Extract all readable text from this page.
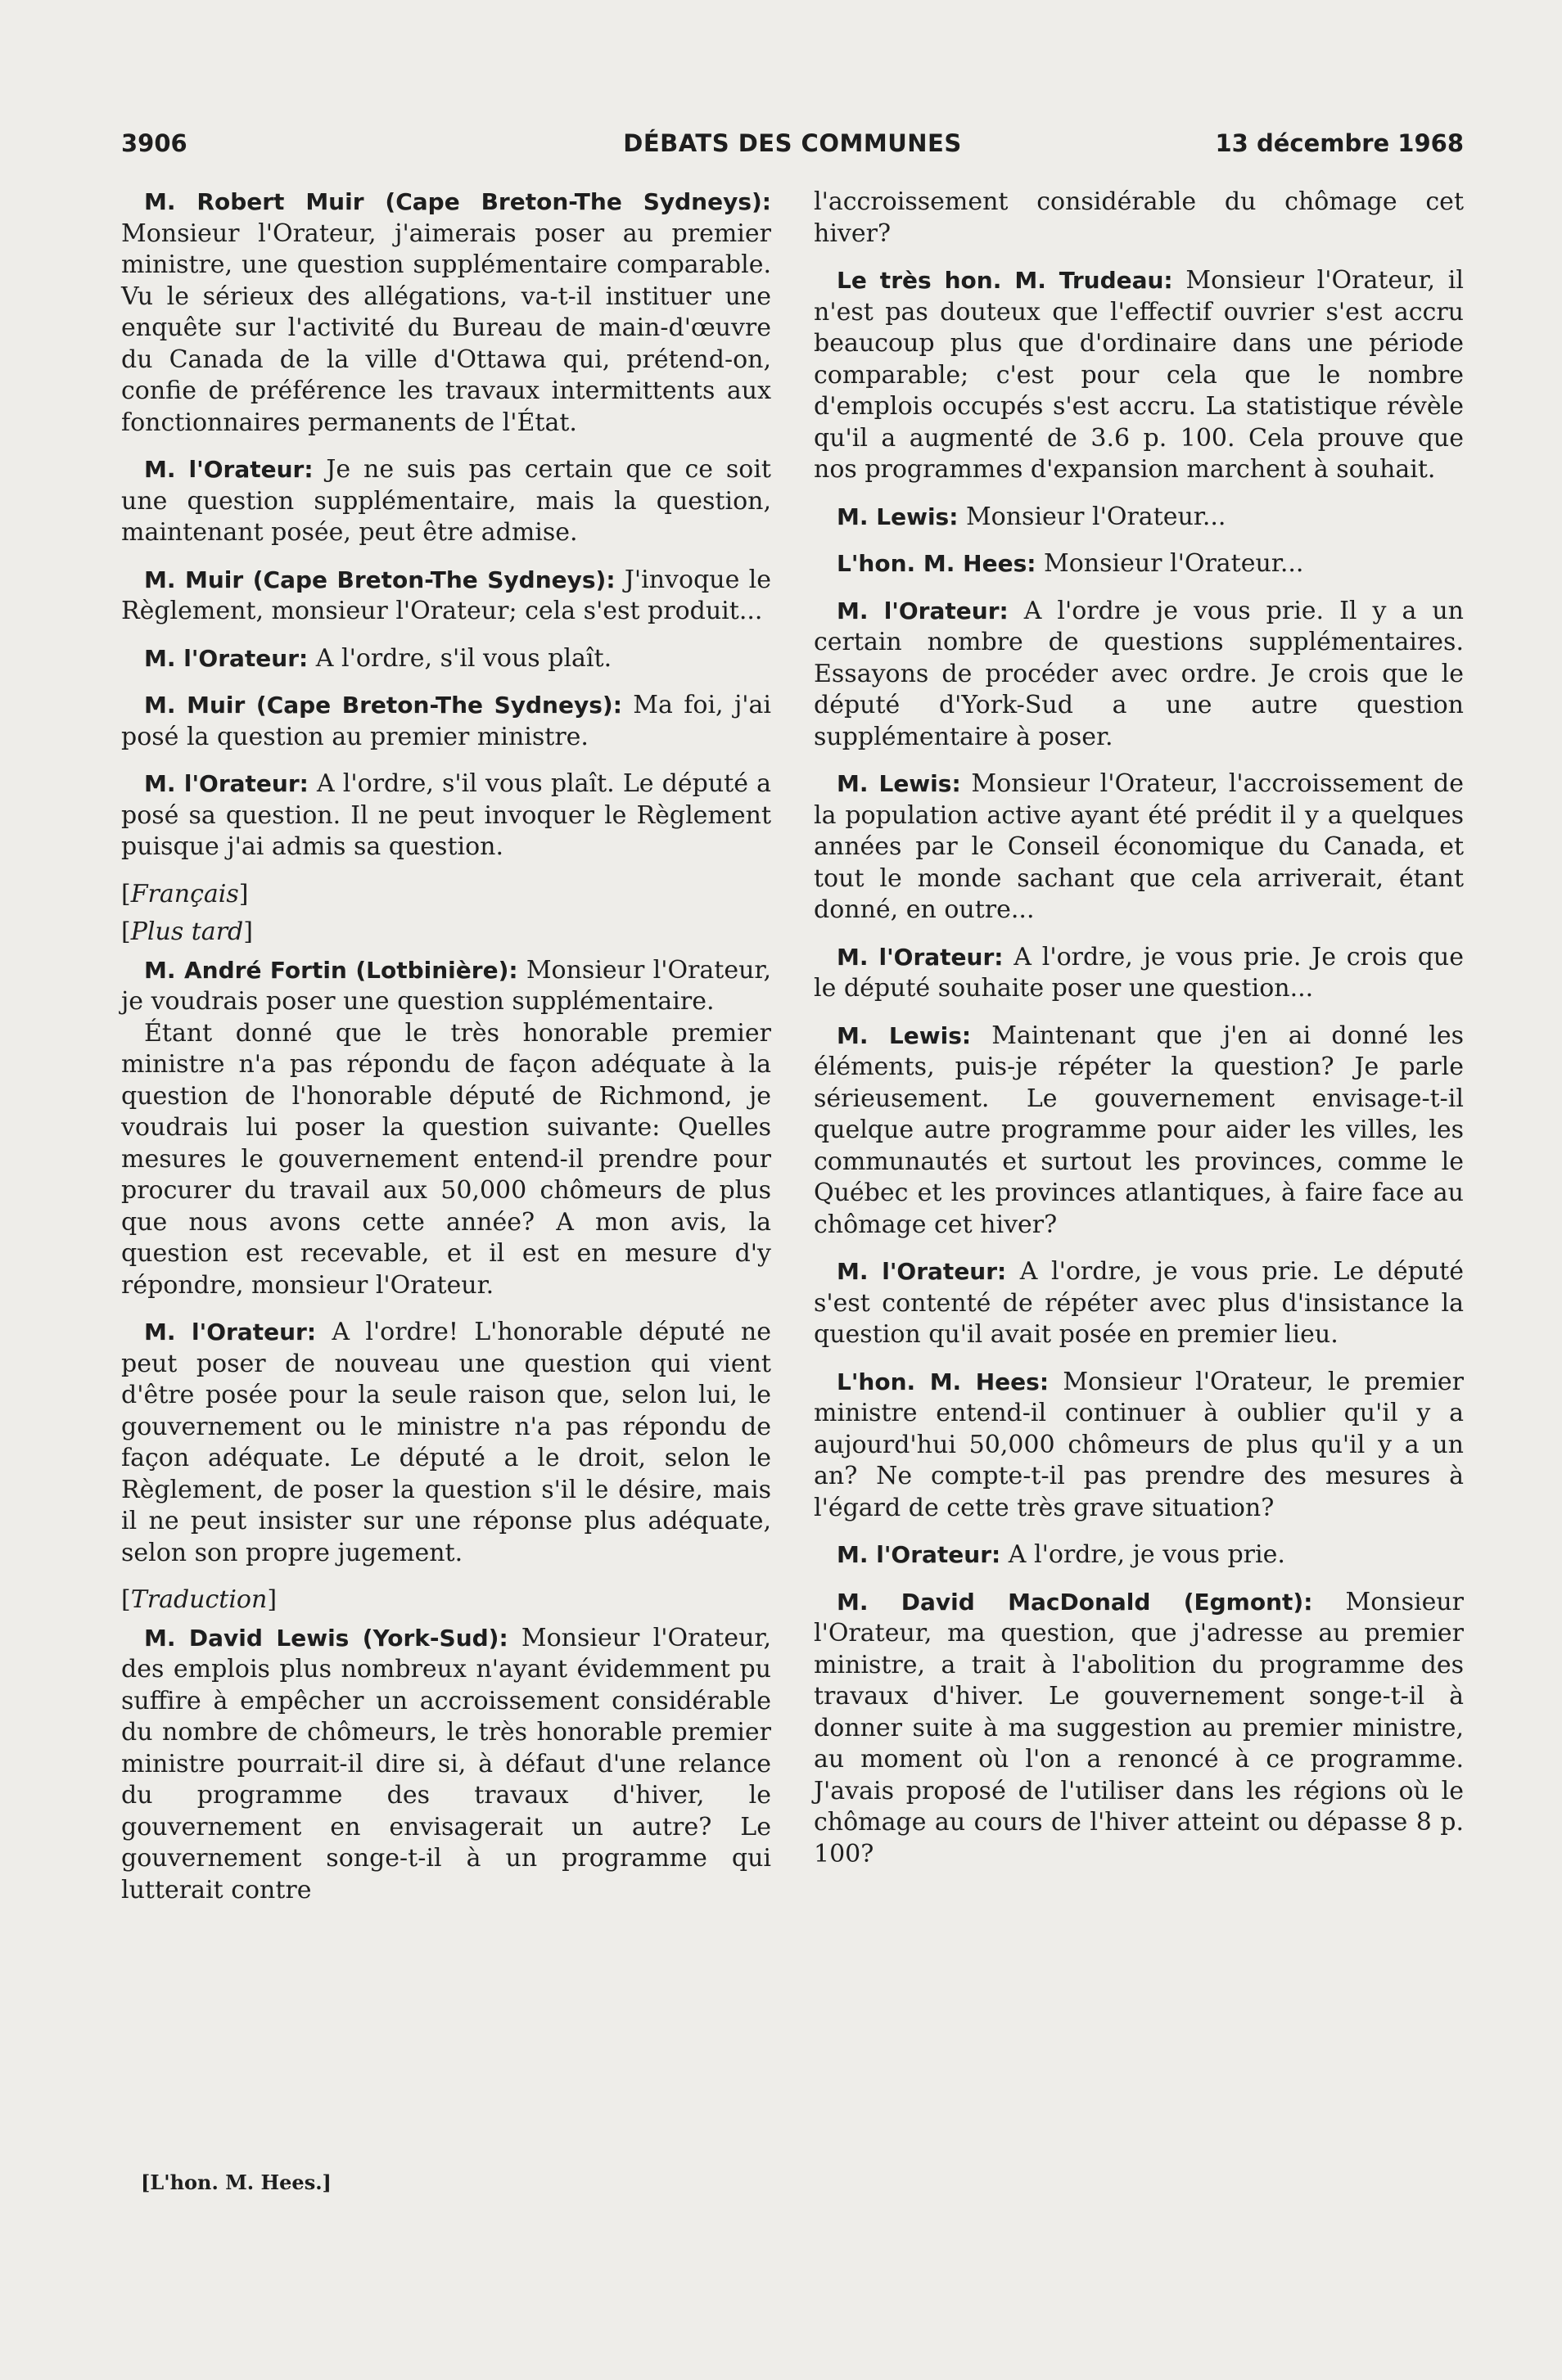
3906	DÉBATS DES COMMUNES	13 décembre 1968

M. Robert Muir (Cape Breton-The Sydneys): Monsieur l'Orateur, j'aimerais poser au premier ministre, une question supplémentaire comparable. Vu le sérieux des allégations, va-t-il instituer une enquête sur l'activité du Bureau de main-d'œuvre du Canada de la ville d'Ottawa qui, prétend-on, confie de préférence les travaux intermittents aux fonctionnaires permanents de l'État.

M. l'Orateur: Je ne suis pas certain que ce soit une question supplémentaire, mais la question, maintenant posée, peut être admise.

M. Muir (Cape Breton-The Sydneys): J'invoque le Règlement, monsieur l'Orateur; cela s'est produit...

M. l'Orateur: A l'ordre, s'il vous plaît.

M. Muir (Cape Breton-The Sydneys): Ma foi, j'ai posé la question au premier ministre.

M. l'Orateur: A l'ordre, s'il vous plaît. Le député a posé sa question. Il ne peut invoquer le Règlement puisque j'ai admis sa question.

[Français]

[Plus tard]

M. André Fortin (Lotbinière): Monsieur l'Orateur, je voudrais poser une question supplémentaire.

Étant donné que le très honorable premier ministre n'a pas répondu de façon adéquate à la question de l'honorable député de Richmond, je voudrais lui poser la question suivante: Quelles mesures le gouvernement entend-il prendre pour procurer du travail aux 50,000 chômeurs de plus que nous avons cette année? A mon avis, la question est recevable, et il est en mesure d'y répondre, monsieur l'Orateur.

M. l'Orateur: A l'ordre! L'honorable député ne peut poser de nouveau une question qui vient d'être posée pour la seule raison que, selon lui, le gouvernement ou le ministre n'a pas répondu de façon adéquate. Le député a le droit, selon le Règlement, de poser la question s'il le désire, mais il ne peut insister sur une réponse plus adéquate, selon son propre jugement.

[Traduction]

M. David Lewis (York-Sud): Monsieur l'Orateur, des emplois plus nombreux n'ayant évidemment pu suffire à empêcher un accroissement considérable du nombre de chômeurs, le très honorable premier ministre pourrait-il dire si, à défaut d'une relance du programme des travaux d'hiver, le gouvernement en envisagerait un autre? Le gouvernement songe-t-il à un programme qui lutterait contre

l'accroissement considérable du chômage cet hiver?

Le très hon. M. Trudeau: Monsieur l'Orateur, il n'est pas douteux que l'effectif ouvrier s'est accru beaucoup plus que d'ordinaire dans une période comparable; c'est pour cela que le nombre d'emplois occupés s'est accru. La statistique révèle qu'il a augmenté de 3.6 p. 100. Cela prouve que nos programmes d'expansion marchent à souhait.

M. Lewis: Monsieur l'Orateur...

L'hon. M. Hees: Monsieur l'Orateur...

M. l'Orateur: A l'ordre je vous prie. Il y a un certain nombre de questions supplémentaires. Essayons de procéder avec ordre. Je crois que le député d'York-Sud a une autre question supplémentaire à poser.

M. Lewis: Monsieur l'Orateur, l'accroissement de la population active ayant été prédit il y a quelques années par le Conseil économique du Canada, et tout le monde sachant que cela arriverait, étant donné, en outre...

M. l'Orateur: A l'ordre, je vous prie. Je crois que le député souhaite poser une question...

M. Lewis: Maintenant que j'en ai donné les éléments, puis-je répéter la question? Je parle sérieusement. Le gouvernement envisage-t-il quelque autre programme pour aider les villes, les communautés et surtout les provinces, comme le Québec et les provinces atlantiques, à faire face au chômage cet hiver?

M. l'Orateur: A l'ordre, je vous prie. Le député s'est contenté de répéter avec plus d'insistance la question qu'il avait posée en premier lieu.

L'hon. M. Hees: Monsieur l'Orateur, le premier ministre entend-il continuer à oublier qu'il y a aujourd'hui 50,000 chômeurs de plus qu'il y a un an? Ne compte-t-il pas prendre des mesures à l'égard de cette très grave situation?

M. l'Orateur: A l'ordre, je vous prie.

M. David MacDonald (Egmont): Monsieur l'Orateur, ma question, que j'adresse au premier ministre, a trait à l'abolition du programme des travaux d'hiver. Le gouvernement songe-t-il à donner suite à ma suggestion au premier ministre, au moment où l'on a renoncé à ce programme. J'avais proposé de l'utiliser dans les régions où le chômage au cours de l'hiver atteint ou dépasse 8 p. 100?

[L'hon. M. Hees.]
